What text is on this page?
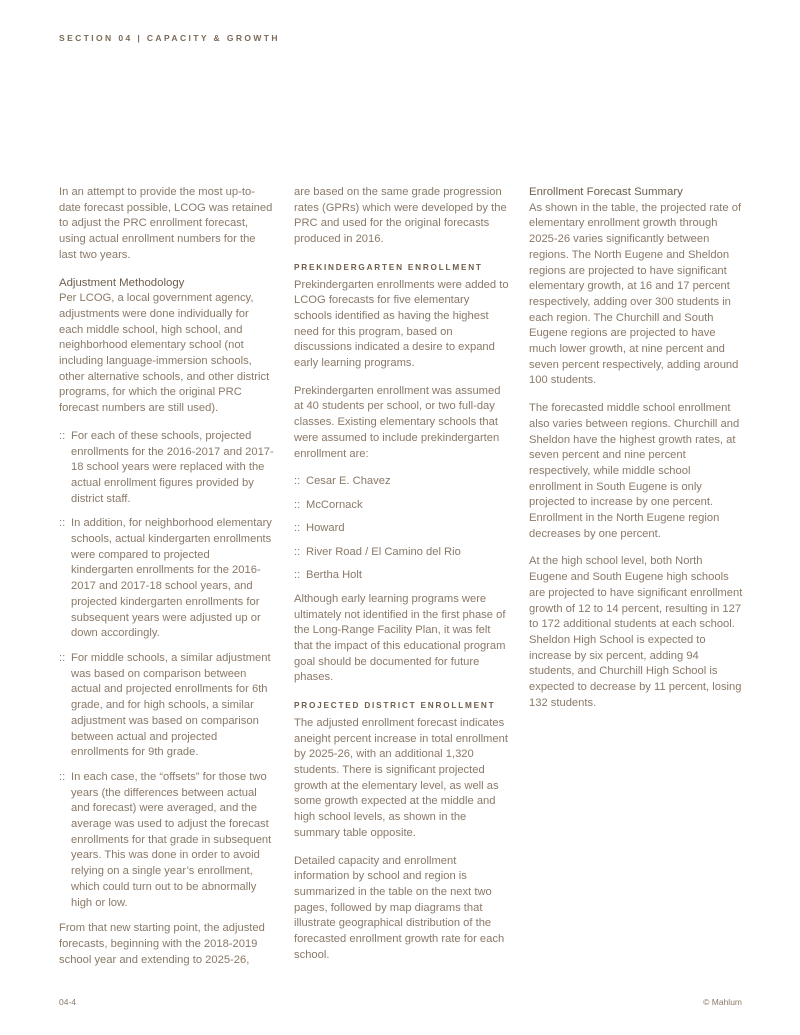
SECTION 04 | CAPACITY & GROWTH

In an attempt to provide the most up-to-date forecast possible, LCOG was retained to adjust the PRC enrollment forecast, using actual enrollment numbers for the last two years.

Adjustment Methodology

Per LCOG, a local government agency, adjustments were done individually for each middle school, high school, and neighborhood elementary school (not including language-immersion schools, other alternative schools, and other district programs, for which the original PRC forecast numbers are still used).

:: For each of these schools, projected enrollments for the 2016-2017 and 2017-18 school years were replaced with the actual enrollment figures provided by district staff.
:: In addition, for neighborhood elementary schools, actual kindergarten enrollments were compared to projected kindergarten enrollments for the 2016-2017 and 2017-18 school years, and projected kindergarten enrollments for subsequent years were adjusted up or down accordingly.
:: For middle schools, a similar adjustment was based on comparison between actual and projected enrollments for 6th grade, and for high schools, a similar adjustment was based on comparison between actual and projected enrollments for 9th grade.
:: In each case, the “offsets” for those two years (the differences between actual and forecast) were averaged, and the average was used to adjust the forecast enrollments for that grade in subsequent years. This was done in order to avoid relying on a single year’s enrollment, which could turn out to be abnormally high or low.

From that new starting point, the adjusted forecasts, beginning with the 2018-2019 school year and extending to 2025-26,

are based on the same grade progression rates (GPRs) which were developed by the PRC and used for the original forecasts produced in 2016.

PREKINDERGARTEN ENROLLMENT

Prekindergarten enrollments were added to LCOG forecasts for five elementary schools identified as having the highest need for this program, based on discussions indicated a desire to expand early learning programs.

Prekindergarten enrollment was assumed at 40 students per school, or two full-day classes. Existing elementary schools that were assumed to include prekindergarten enrollment are:

:: Cesar E. Chavez
:: McCornack
:: Howard
:: River Road / El Camino del Rio
:: Bertha Holt

Although early learning programs were ultimately not identified in the first phase of the Long-Range Facility Plan, it was felt that the impact of this educational program goal should be documented for future phases.

PROJECTED DISTRICT ENROLLMENT

The adjusted enrollment forecast indicates aneight percent increase in total enrollment by 2025-26, with an additional 1,320 students. There is significant projected growth at the elementary level, as well as some growth expected at the middle and high school levels, as shown in the summary table opposite.

Detailed capacity and enrollment information by school and region is summarized in the table on the next two pages, followed by map diagrams that illustrate geographical distribution of the forecasted enrollment growth rate for each school.

Enrollment Forecast Summary

As shown in the table, the projected rate of elementary enrollment growth through 2025-26 varies significantly between regions. The North Eugene and Sheldon regions are projected to have significant elementary growth, at 16 and 17 percent respectively, adding over 300 students in each region. The Churchill and South Eugene regions are projected to have much lower growth, at nine percent and seven percent respectively, adding around 100 students.

The forecasted middle school enrollment also varies between regions. Churchill and Sheldon have the highest growth rates, at seven percent and nine percent respectively, while middle school enrollment in South Eugene is only projected to increase by one percent. Enrollment in the North Eugene region decreases by one percent.

At the high school level, both North Eugene and South Eugene high schools are projected to have significant enrollment growth of 12 to 14 percent, resulting in 127 to 172 additional students at each school. Sheldon High School is expected to increase by six percent, adding 94 students, and Churchill High School is expected to decrease by 11 percent, losing 132 students.

04-4	© Mahlum
